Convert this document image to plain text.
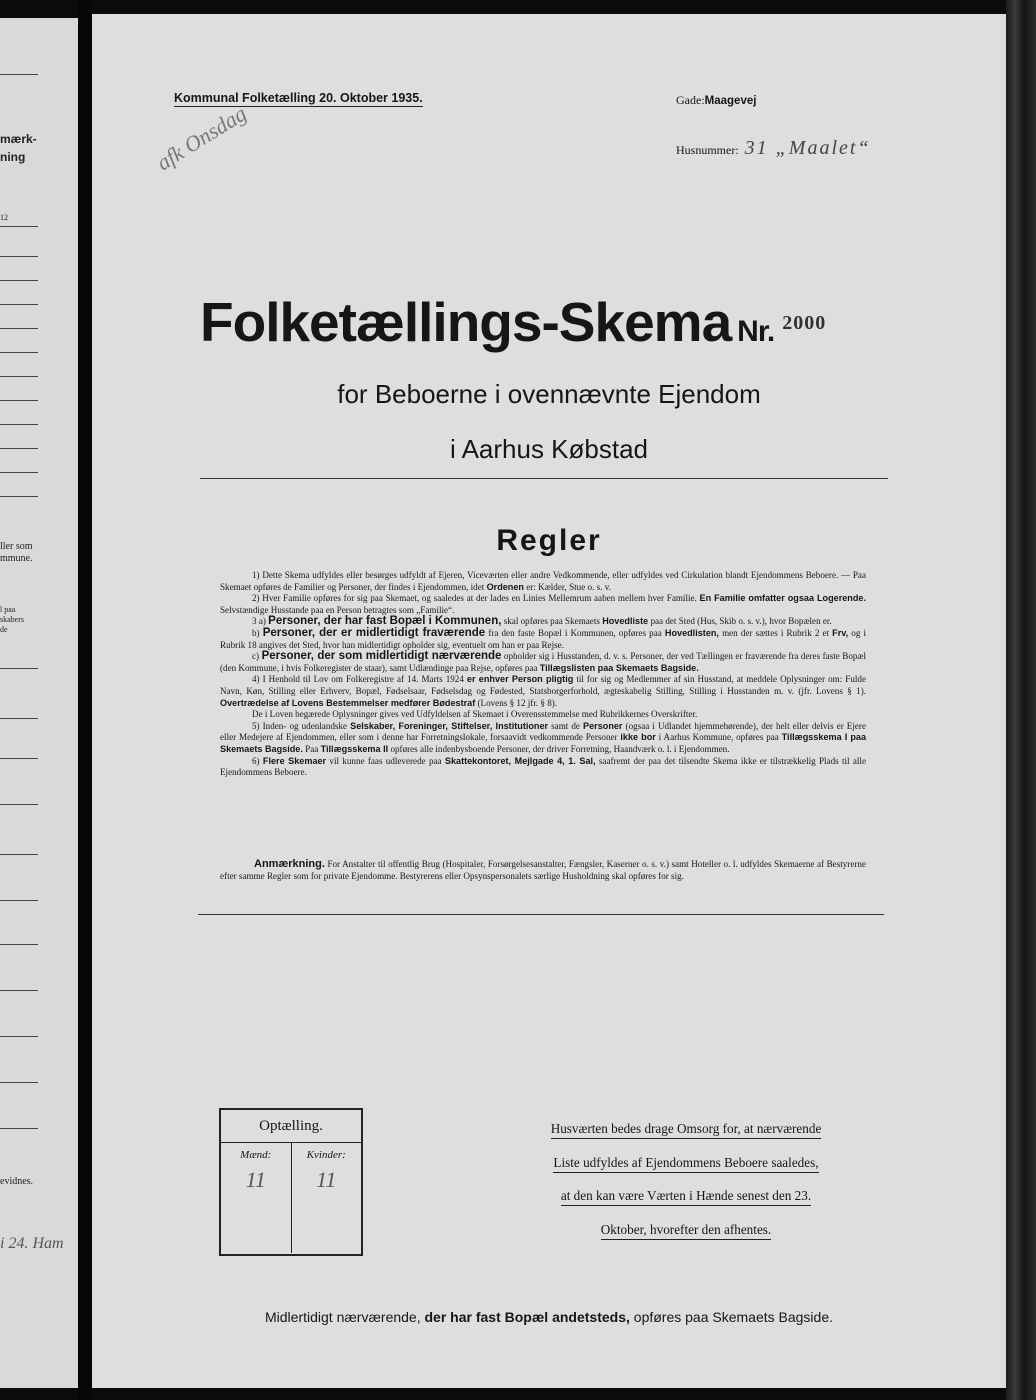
mærk-
ning
12
ller som
mmune.
l paa
skabers
de
evidnes.
i 24. Ham
Kommunal Folketælling 20. Oktober 1935.	Gade:Maagevej
Husnummer: 31 „Maalet“
afk Onsdag
Folketællings-Skema Nr. $^{2000}$
for Beboerne i ovennævnte Ejendom
i Aarhus Købstad
Regler

1) Dette Skema udfyldes eller besørges udfyldt af Ejeren, Viceværten eller andre Vedkommende, eller udfyldes ved Cirkulation blandt Ejendommens Beboere. — Paa Skemaet opføres de Familier og Personer, der findes i Ejendommen, idet Ordenen er: Kælder, Stue o. s. v.

2) Hver Familie opføres for sig paa Skemaet, og saaledes at der lades en Linies Mellemrum aaben mellem hver Familie. En Familie omfatter ogsaa Logerende. Selvstændige Husstande paa en Person betragtes som „Familie“.

3 a) Personer, der har fast Bopæl i Kommunen, skal opføres paa Skemaets Hovedliste paa det Sted (Hus, Skib o. s. v.), hvor Bopælen er.

b) Personer, der er midlertidigt fraværende fra den faste Bopæl i Kommunen, opføres paa Hovedlisten, men der sættes i Rubrik 2 et Frv, og i Rubrik 18 angives det Sted, hvor han midlertidigt opholder sig, eventuelt om han er paa Rejse.

c) Personer, der som midlertidigt nærværende opholder sig i Husstanden, d. v. s. Personer, der ved Tællingen er fraværende fra deres faste Bopæl (den Kommune, i hvis Folkeregister de staar), samt Udlændinge paa Rejse, opføres paa Tillægslisten paa Skemaets Bagside.

4) I Henhold til Lov om Folkeregistre af 14. Marts 1924 er enhver Person pligtig til for sig og Medlemmer af sin Husstand, at meddele Oplysninger om: Fulde Navn, Køn, Stilling eller Erhverv, Bopæl, Fødselsaar, Fødselsdag og Fødested, Statsborgerforhold, ægteskabelig Stilling, Stilling i Husstanden m. v. (jfr. Lovens § 1). Overtrædelse af Lovens Bestemmelser medfører Bødestraf (Lovens § 12 jfr. § 8).

De i Loven begærede Oplysninger gives ved Udfyldelsen af Skemaet i Overensstemmelse med Rubrikkernes Overskrifter.

5) Inden- og udenlandske Selskaber, Foreninger, Stiftelser, Institutioner samt de Personer (ogsaa i Udlandet hjemmehørende), der helt eller delvis er Ejere eller Medejere af Ejendommen, eller som i denne har Forretningslokale, forsaavidt vedkommende Personer ikke bor i Aarhus Kommune, opføres paa Tillægsskema I paa Skemaets Bagside. Paa Tillægsskema II opføres alle indenbysboende Personer, der driver Forretning, Haandværk o. l. i Ejendommen.

6) Flere Skemaer vil kunne faas udleverede paa Skattekontoret, Mejlgade 4, 1. Sal, saafremt der paa det tilsendte Skema ikke er tilstrækkelig Plads til alle Ejendommens Beboere.

Anmærkning. For Anstalter til offentlig Brug (Hospitaler, Forsørgelsesanstalter, Fængsler, Kaserner o. s. v.) samt Hoteller o. l. udfyldes Skemaerne af Bestyrerne efter samme Regler som for private Ejendomme. Bestyrerens eller Opsynspersonalets særlige Husholdning skal opføres for sig.

Optælling.
Mænd:
11
Kvinder:
11
Husværten bedes drage Omsorg for, at nærværende
Liste udfyldes af Ejendommens Beboere saaledes,
at den kan være Værten i Hænde senest den 23.
Oktober, hvorefter den afhentes.
Midlertidigt nærværende, der har fast Bopæl andetsteds, opføres paa Skemaets Bagside.
